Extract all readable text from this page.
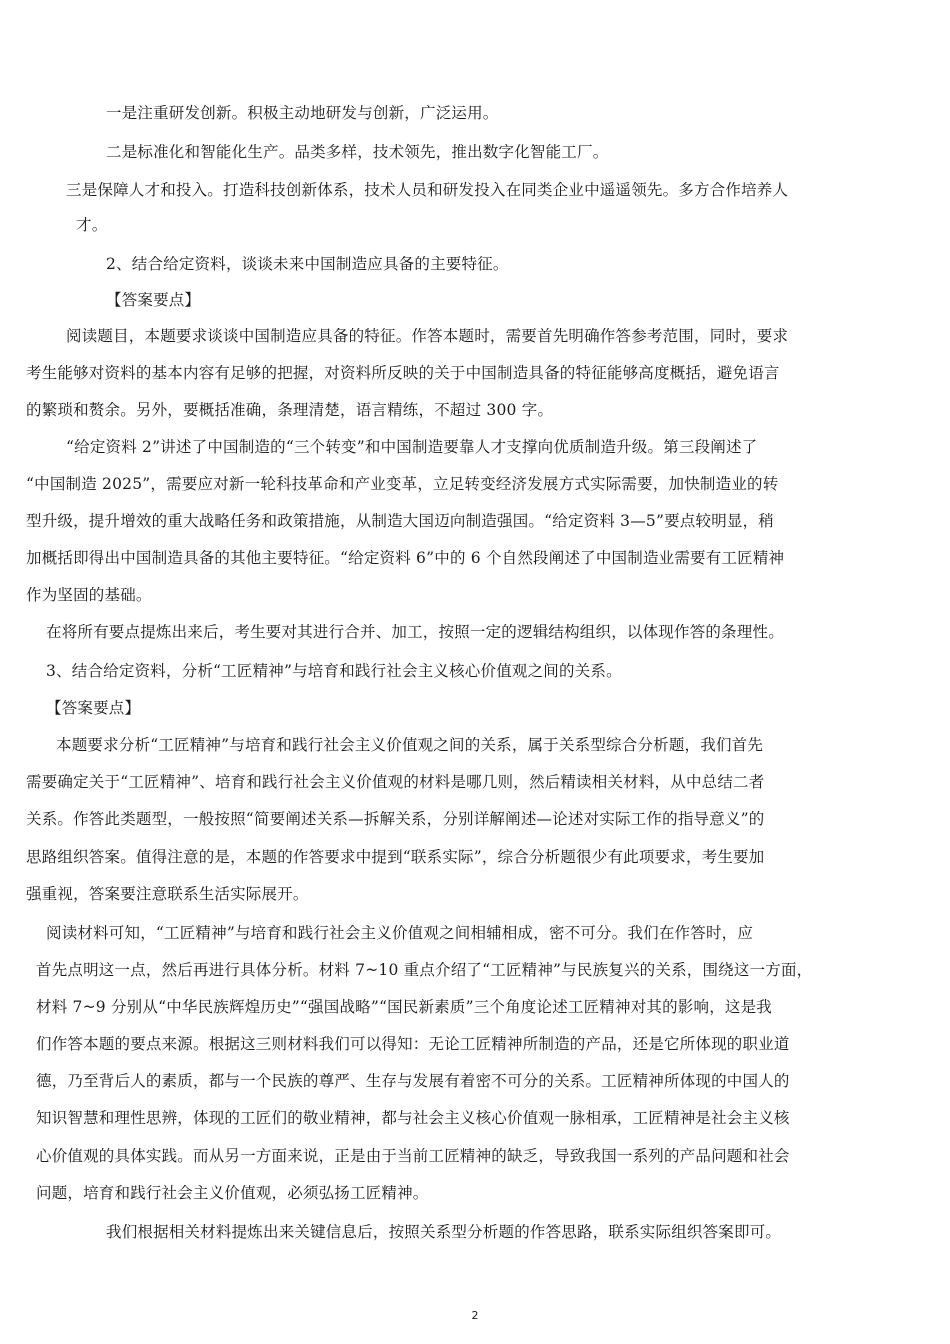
一是注重研发创新。积极主动地研发与创新，广泛运用。
二是标准化和智能化生产。品类多样，技术领先，推出数字化智能工厂。
三是保障人才和投入。打造科技创新体系，技术人员和研发投入在同类企业中遥遥领先。多方合作培养人
才。
2、结合给定资料，谈谈未来中国制造应具备的主要特征。
【答案要点】
阅读题目，本题要求谈谈中国制造应具备的特征。作答本题时，需要首先明确作答参考范围，同时，要求
考生能够对资料的基本内容有足够的把握，对资料所反映的关于中国制造具备的特征能够高度概括，避免语言
的繁琐和赘余。另外，要概括准确，条理清楚，语言精练，不超过 300 字。
“给定资料 2”讲述了中国制造的“三个转变”和中国制造要靠人才支撑向优质制造升级。第三段阐述了
“中国制造 2025”，需要应对新一轮科技革命和产业变革，立足转变经济发展方式实际需要，加快制造业的转
型升级，提升增效的重大战略任务和政策措施，从制造大国迈向制造强国。“给定资料 3—5”要点较明显，稍
加概括即得出中国制造具备的其他主要特征。“给定资料 6”中的 6 个自然段阐述了中国制造业需要有工匠精神
作为坚固的基础。
在将所有要点提炼出来后，考生要对其进行合并、加工，按照一定的逻辑结构组织，以体现作答的条理性。
3、结合给定资料，分析“工匠精神”与培育和践行社会主义核心价值观之间的关系。
【答案要点】
本题要求分析“工匠精神”与培育和践行社会主义价值观之间的关系，属于关系型综合分析题，我们首先
需要确定关于“工匠精神”、培育和践行社会主义价值观的材料是哪几则，然后精读相关材料，从中总结二者
关系。作答此类题型，一般按照“简要阐述关系—拆解关系，分别详解阐述—论述对实际工作的指导意义”的
思路组织答案。值得注意的是，本题的作答要求中提到“联系实际”，综合分析题很少有此项要求，考生要加
强重视，答案要注意联系生活实际展开。
阅读材料可知，“工匠精神”与培育和践行社会主义价值观之间相辅相成，密不可分。我们在作答时，应
首先点明这一点，然后再进行具体分析。材料 7~10 重点介绍了“工匠精神”与民族复兴的关系，围绕这一方面，
材料 7~9 分别从“中华民族辉煌历史”“强国战略”“国民新素质”三个角度论述工匠精神对其的影响，这是我
们作答本题的要点来源。根据这三则材料我们可以得知：无论工匠精神所制造的产品，还是它所体现的职业道
德，乃至背后人的素质，都与一个民族的尊严、生存与发展有着密不可分的关系。工匠精神所体现的中国人的
知识智慧和理性思辨，体现的工匠们的敬业精神，都与社会主义核心价值观一脉相承，工匠精神是社会主义核
心价值观的具体实践。而从另一方面来说，正是由于当前工匠精神的缺乏，导致我国一系列的产品问题和社会
问题，培育和践行社会主义价值观，必须弘扬工匠精神。
我们根据相关材料提炼出来关键信息后，按照关系型分析题的作答思路，联系实际组织答案即可。
2
